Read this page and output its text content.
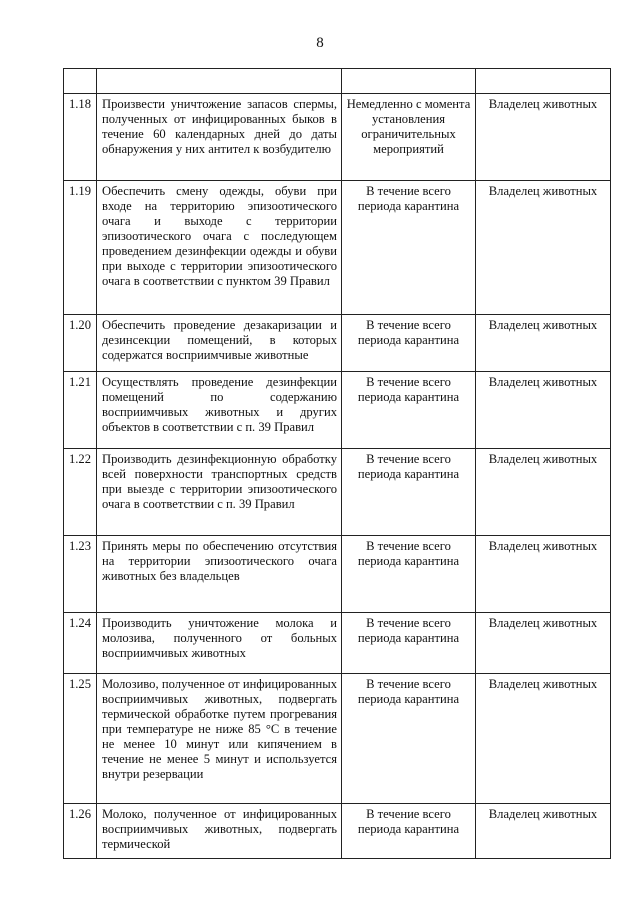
8

1.18	Произвести уничтожение запасов спермы, полученных от инфицированных быков в течение 60 календарных дней до даты обнаружения у них антител к возбудителю	Немедленно с момента установления ограничительных мероприятий	Владелец животных
1.19	Обеспечить смену одежды, обуви при входе на территорию эпизоотического очага и выходе с территории эпизоотического очага с последующем проведением дезинфекции одежды и обуви при выходе с территории эпизоотического очага в соответствии с пунктом 39 Правил	В течение всего периода карантина	Владелец животных
1.20	Обеспечить проведение дезакаризации и дезинсекции помещений, в которых содержатся восприимчивые животные	В течение всего периода карантина	Владелец животных
1.21	Осуществлять проведение дезинфекции помещений по содержанию восприимчивых животных и других объектов в соответствии с п. 39 Правил	В течение всего периода карантина	Владелец животных
1.22	Производить дезинфекционную обработку всей поверхности транспортных средств при выезде с территории эпизоотического очага в соответствии с п. 39 Правил	В течение всего периода карантина	Владелец животных
1.23	Принять меры по обеспечению отсутствия на территории эпизоотического очага животных без владельцев	В течение всего периода карантина	Владелец животных
1.24	Производить уничтожение молока и молозива, полученного от больных восприимчивых животных	В течение всего периода карантина	Владелец животных
1.25	Молозиво, полученное от инфицированных восприимчивых животных, подвергать термической обработке путем прогревания при температуре не ниже 85 °С в течение не менее 10 минут или кипячением в течение не менее 5 минут и используется внутри резервации	В течение всего периода карантина	Владелец животных
1.26	Молоко, полученное от инфицированных восприимчивых животных, подвергать термической	В течение всего периода карантина	Владелец животных
